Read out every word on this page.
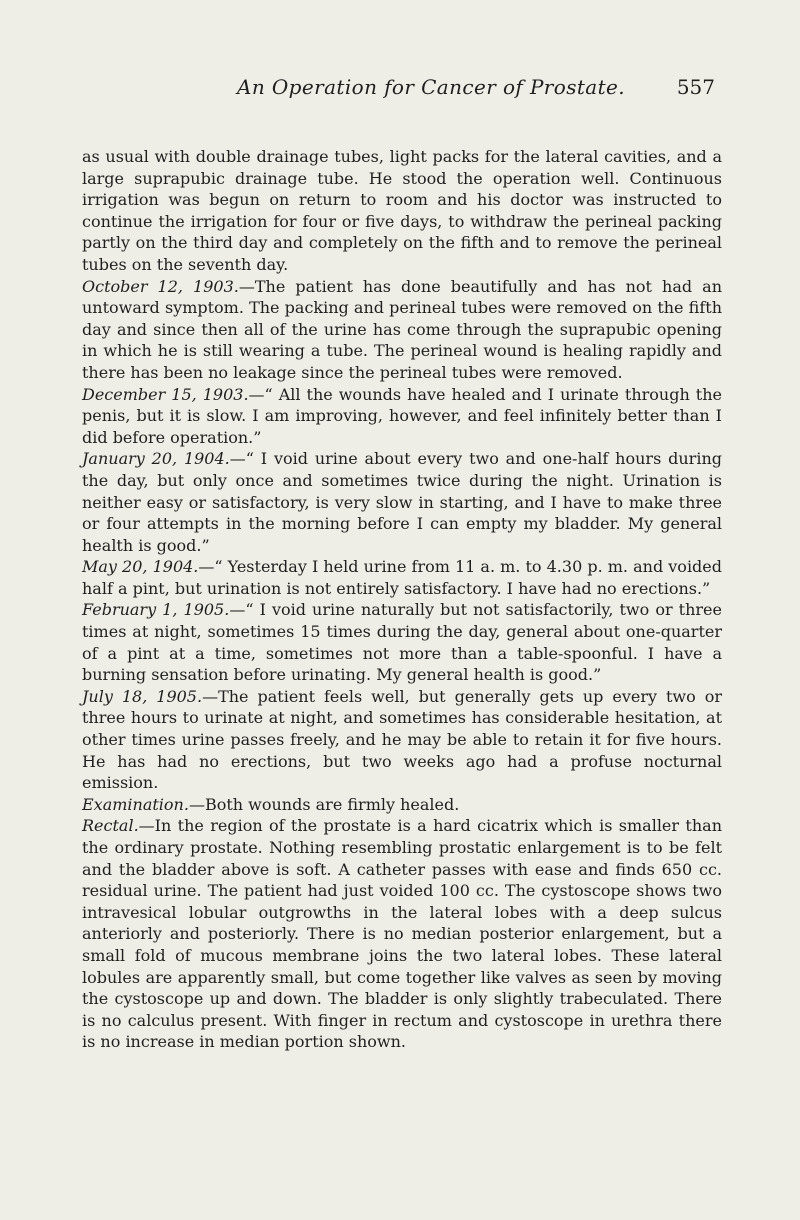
An Operation for Cancer of Prostate.	557

as usual with double drainage tubes, light packs for the lateral cavities, and a large suprapubic drainage tube. He stood the operation well. Continuous irrigation was begun on return to room and his doctor was instructed to continue the irrigation for four or five days, to withdraw the perineal packing partly on the third day and completely on the fifth and to remove the perineal tubes on the seventh day.

October 12, 1903.—The patient has done beautifully and has not had an untoward symptom. The packing and perineal tubes were removed on the fifth day and since then all of the urine has come through the suprapubic opening in which he is still wearing a tube. The perineal wound is healing rapidly and there has been no leakage since the perineal tubes were removed.

December 15, 1903.—“ All the wounds have healed and I urinate through the penis, but it is slow. I am improving, however, and feel infinitely better than I did before operation.”

January 20, 1904.—“ I void urine about every two and one-half hours during the day, but only once and sometimes twice during the night. Urination is neither easy or satisfactory, is very slow in starting, and I have to make three or four attempts in the morning before I can empty my bladder. My general health is good.”

May 20, 1904.—“ Yesterday I held urine from 11 a. m. to 4.30 p. m. and voided half a pint, but urination is not entirely satisfactory. I have had no erections.”

February 1, 1905.—“ I void urine naturally but not satisfactorily, two or three times at night, sometimes 15 times during the day, general about one-quarter of a pint at a time, sometimes not more than a table-spoonful. I have a burning sensation before urinating. My general health is good.”

July 18, 1905.—The patient feels well, but generally gets up every two or three hours to urinate at night, and sometimes has considerable hesitation, at other times urine passes freely, and he may be able to retain it for five hours. He has had no erections, but two weeks ago had a profuse nocturnal emission.

Examination.—Both wounds are firmly healed.

Rectal.—In the region of the prostate is a hard cicatrix which is smaller than the ordinary prostate. Nothing resembling prostatic enlargement is to be felt and the bladder above is soft. A catheter passes with ease and finds 650 cc. residual urine. The patient had just voided 100 cc. The cystoscope shows two intravesical lobular outgrowths in the lateral lobes with a deep sulcus anteriorly and posteriorly. There is no median posterior enlargement, but a small fold of mucous membrane joins the two lateral lobes. These lateral lobules are apparently small, but come together like valves as seen by moving the cystoscope up and down. The bladder is only slightly trabeculated. There is no calculus present. With finger in rectum and cystoscope in urethra there is no increase in median portion shown.
